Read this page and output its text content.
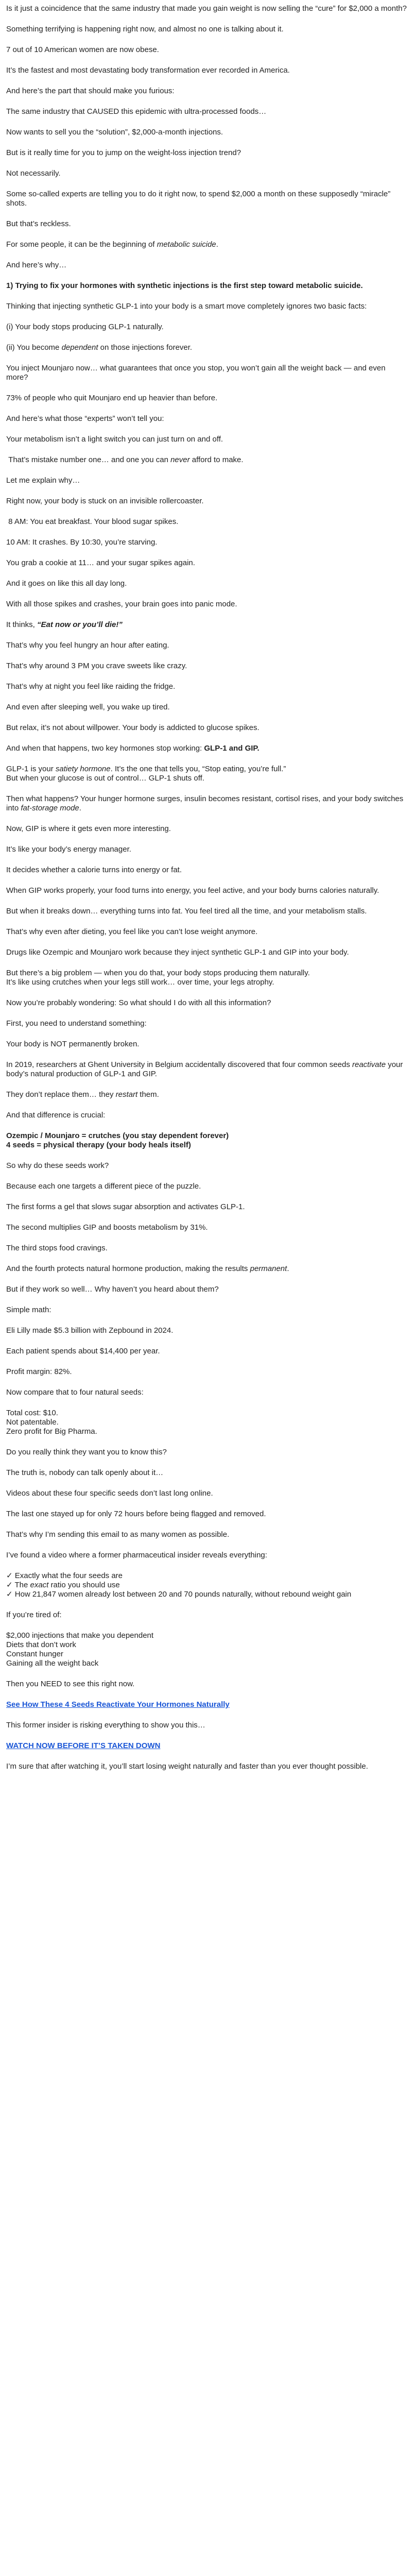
Is it just a coincidence that the same industry that made you gain weight is now selling the “cure” for $2,000 a month?

Something terrifying is happening right now, and almost no one is talking about it.

7 out of 10 American women are now obese.

It’s the fastest and most devastating body transformation ever recorded in America.

And here’s the part that should make you furious:

The same industry that CAUSED this epidemic with ultra-processed foods…

Now wants to sell you the “solution”, $2,000-a-month injections.

But is it really time for you to jump on the weight-loss injection trend?

Not necessarily.

Some so-called experts are telling you to do it right now, to spend $2,000 a month on these supposedly “miracle” shots.

But that’s reckless.

For some people, it can be the beginning of metabolic suicide.

And here’s why…

1) Trying to fix your hormones with synthetic injections is the first step toward metabolic suicide.

Thinking that injecting synthetic GLP-1 into your body is a smart move completely ignores two basic facts:

(i) Your body stops producing GLP-1 naturally.

(ii) You become dependent on those injections forever.

You inject Mounjaro now… what guarantees that once you stop, you won’t gain all the weight back — and even more?

73% of people who quit Mounjaro end up heavier than before.

And here’s what those “experts” won’t tell you:

Your metabolism isn’t a light switch you can just turn on and off.

That’s mistake number one… and one you can never afford to make.

Let me explain why…

Right now, your body is stuck on an invisible rollercoaster.

8 AM: You eat breakfast. Your blood sugar spikes.

10 AM: It crashes. By 10:30, you’re starving.

You grab a cookie at 11… and your sugar spikes again.

And it goes on like this all day long.

With all those spikes and crashes, your brain goes into panic mode.

It thinks, “Eat now or you’ll die!”

That’s why you feel hungry an hour after eating.

That’s why around 3 PM you crave sweets like crazy.

That’s why at night you feel like raiding the fridge.

And even after sleeping well, you wake up tired.

But relax, it’s not about willpower. Your body is addicted to glucose spikes.

And when that happens, two key hormones stop working: GLP-1 and GIP.

GLP-1 is your satiety hormone. It’s the one that tells you, “Stop eating, you’re full.”
But when your glucose is out of control… GLP-1 shuts off.

Then what happens? Your hunger hormone surges, insulin becomes resistant, cortisol rises, and your body switches into fat-storage mode.

Now, GIP is where it gets even more interesting.

It’s like your body’s energy manager.

It decides whether a calorie turns into energy or fat.

When GIP works properly, your food turns into energy, you feel active, and your body burns calories naturally.

But when it breaks down… everything turns into fat. You feel tired all the time, and your metabolism stalls.

That’s why even after dieting, you feel like you can’t lose weight anymore.

Drugs like Ozempic and Mounjaro work because they inject synthetic GLP-1 and GIP into your body.

But there’s a big problem — when you do that, your body stops producing them naturally.
It’s like using crutches when your legs still work… over time, your legs atrophy.

Now you’re probably wondering: So what should I do with all this information?

First, you need to understand something:

Your body is NOT permanently broken.

In 2019, researchers at Ghent University in Belgium accidentally discovered that four common seeds reactivate your body’s natural production of GLP-1 and GIP.

They don’t replace them… they restart them.

And that difference is crucial:

Ozempic / Mounjaro = crutches (you stay dependent forever)
4 seeds = physical therapy (your body heals itself)

So why do these seeds work?

Because each one targets a different piece of the puzzle.

The first forms a gel that slows sugar absorption and activates GLP-1.

The second multiplies GIP and boosts metabolism by 31%.

The third stops food cravings.

And the fourth protects natural hormone production, making the results permanent.

But if they work so well… Why haven’t you heard about them?

Simple math:

Eli Lilly made $5.3 billion with Zepbound in 2024.

Each patient spends about $14,400 per year.

Profit margin: 82%.

Now compare that to four natural seeds:

Total cost: $10.
Not patentable.
Zero profit for Big Pharma.

Do you really think they want you to know this?

The truth is, nobody can talk openly about it…

Videos about these four specific seeds don’t last long online.

The last one stayed up for only 72 hours before being flagged and removed.

That’s why I’m sending this email to as many women as possible.

I’ve found a video where a former pharmaceutical insider reveals everything:

✓ Exactly what the four seeds are
✓ The exact ratio you should use
✓ How 21,847 women already lost between 20 and 70 pounds naturally, without rebound weight gain

If you’re tired of:

$2,000 injections that make you dependent
Diets that don’t work
Constant hunger
Gaining all the weight back

Then you NEED to see this right now.

See How These 4 Seeds Reactivate Your Hormones Naturally

This former insider is risking everything to show you this…

WATCH NOW BEFORE IT’S TAKEN DOWN

I’m sure that after watching it, you’ll start losing weight naturally and faster than you ever thought possible.
